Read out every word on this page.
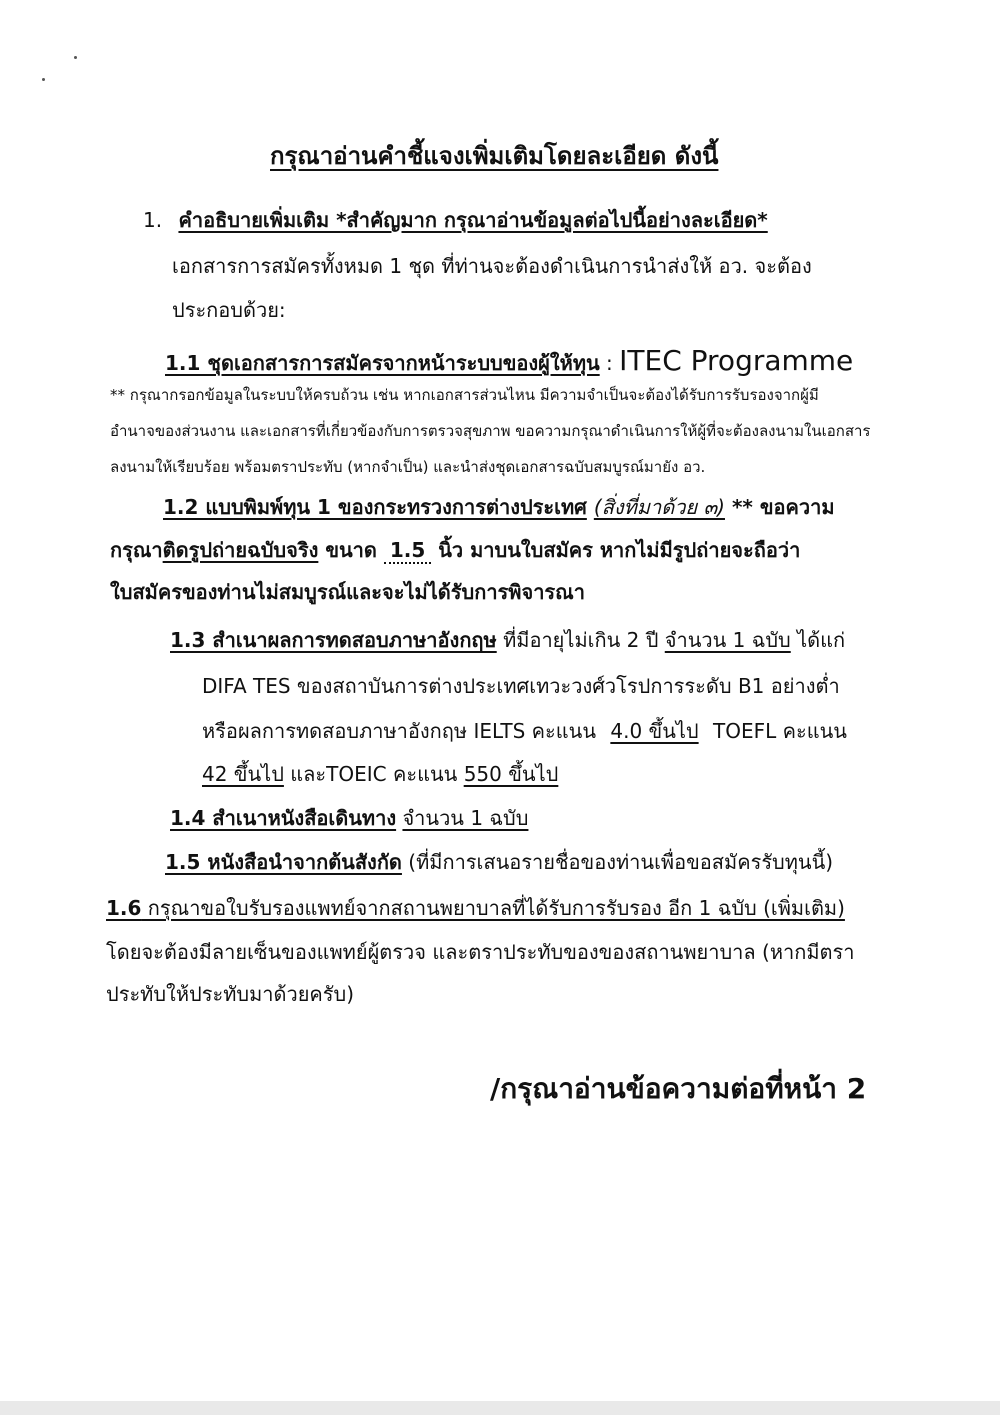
กรุณาอ่านคำชี้แจงเพิ่มเติมโดยละเอียด ดังนี้
1. คำอธิบายเพิ่มเติม *สำคัญมาก กรุณาอ่านข้อมูลต่อไปนี้อย่างละเอียด*
เอกสารการสมัครทั้งหมด 1 ชุด ที่ท่านจะต้องดำเนินการนำส่งให้ อว. จะต้อง
ประกอบด้วย:
1.1 ชุดเอกสารการสมัครจากหน้าระบบของผู้ให้ทุน : ITEC Programme
** กรุณากรอกข้อมูลในระบบให้ครบถ้วน เช่น หากเอกสารส่วนไหน มีความจำเป็นจะต้องได้รับการรับรองจากผู้มี
อำนาจของส่วนงาน และเอกสารที่เกี่ยวข้องกับการตรวจสุขภาพ ขอความกรุณาดำเนินการให้ผู้ที่จะต้องลงนามในเอกสาร
ลงนามให้เรียบร้อย พร้อมตราประทับ (หากจำเป็น) และนำส่งชุดเอกสารฉบับสมบูรณ์มายัง อว.
1.2 แบบพิมพ์ทุน 1 ของกระทรวงการต่างประเทศ (สิ่งที่มาด้วย ๓) ** ขอความ
กรุณาติดรูปถ่ายฉบับจริง ขนาด 1.5 นิ้ว มาบนใบสมัคร หากไม่มีรูปถ่ายจะถือว่า
ใบสมัครของท่านไม่สมบูรณ์และจะไม่ได้รับการพิจารณา
1.3 สำเนาผลการทดสอบภาษาอังกฤษ ที่มีอายุไม่เกิน 2 ปี จำนวน 1 ฉบับ ได้แก่
DIFA TES ของสถาบันการต่างประเทศเทวะวงศ์วโรปการระดับ B1 อย่างต่ำ
หรือผลการทดสอบภาษาอังกฤษ IELTS คะแนน 4.0 ขึ้นไป TOEFL คะแนน
42 ขึ้นไป และTOEIC คะแนน 550 ขึ้นไป
1.4 สำเนาหนังสือเดินทาง จำนวน 1 ฉบับ
1.5 หนังสือนำจากต้นสังกัด (ที่มีการเสนอรายชื่อของท่านเพื่อขอสมัครรับทุนนี้)
1.6 กรุณาขอใบรับรองแพทย์จากสถานพยาบาลที่ได้รับการรับรอง อีก 1 ฉบับ (เพิ่มเติม)
โดยจะต้องมีลายเซ็นของแพทย์ผู้ตรวจ และตราประทับของของสถานพยาบาล (หากมีตรา
ประทับให้ประทับมาด้วยครับ)
/กรุณาอ่านข้อความต่อที่หน้า 2
